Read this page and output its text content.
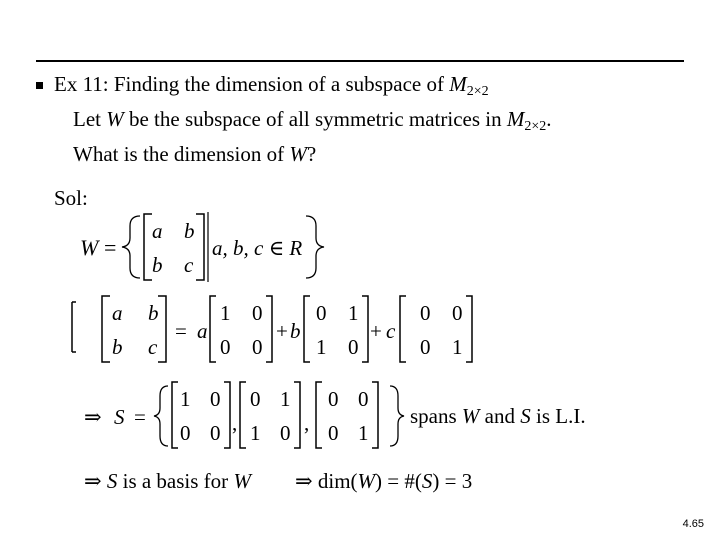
Ex 11: Finding the dimension of a subspace of M2×2
Let W be the subspace of all symmetric matrices in M2×2.
What is the dimension of W?
Sol:
W =
a b
b c
a, b, c ∈ R
a b
b c
= a
1 0
0 0
+ b
0 1
1 0
+ c
0 0
0 1
⇒ S =
1 0
0 0 ,
0 1
1 0 ,
0 0
0 1
spans W and S is L.I.
⇒ S is a basis for W ⇒ dim(W) = #(S) = 3
4.65
